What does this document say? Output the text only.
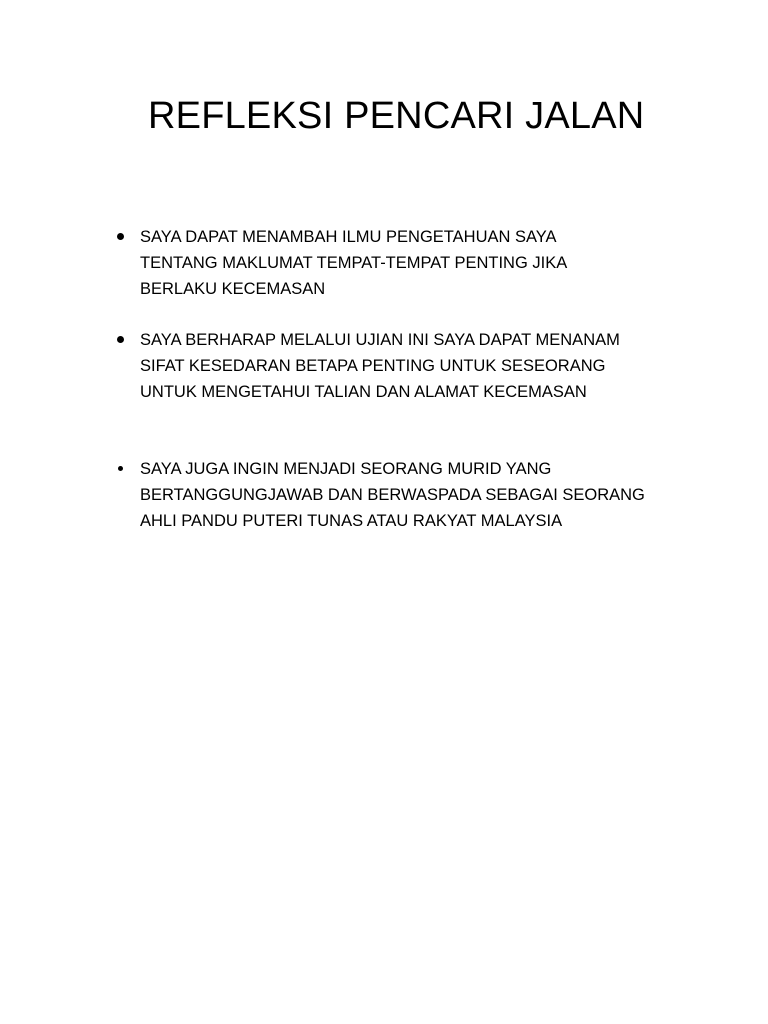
REFLEKSI PENCARI JALAN
SAYA DAPAT MENAMBAH ILMU PENGETAHUAN SAYA
TENTANG MAKLUMAT TEMPAT-TEMPAT PENTING JIKA
BERLAKU KECEMASAN
SAYA BERHARAP MELALUI UJIAN INI SAYA DAPAT MENANAM
SIFAT KESEDARAN BETAPA PENTING UNTUK SESEORANG
UNTUK MENGETAHUI TALIAN DAN ALAMAT KECEMASAN
SAYA JUGA INGIN MENJADI SEORANG MURID YANG
BERTANGGUNGJAWAB DAN BERWASPADA SEBAGAI SEORANG
AHLI PANDU PUTERI TUNAS ATAU RAKYAT MALAYSIA
